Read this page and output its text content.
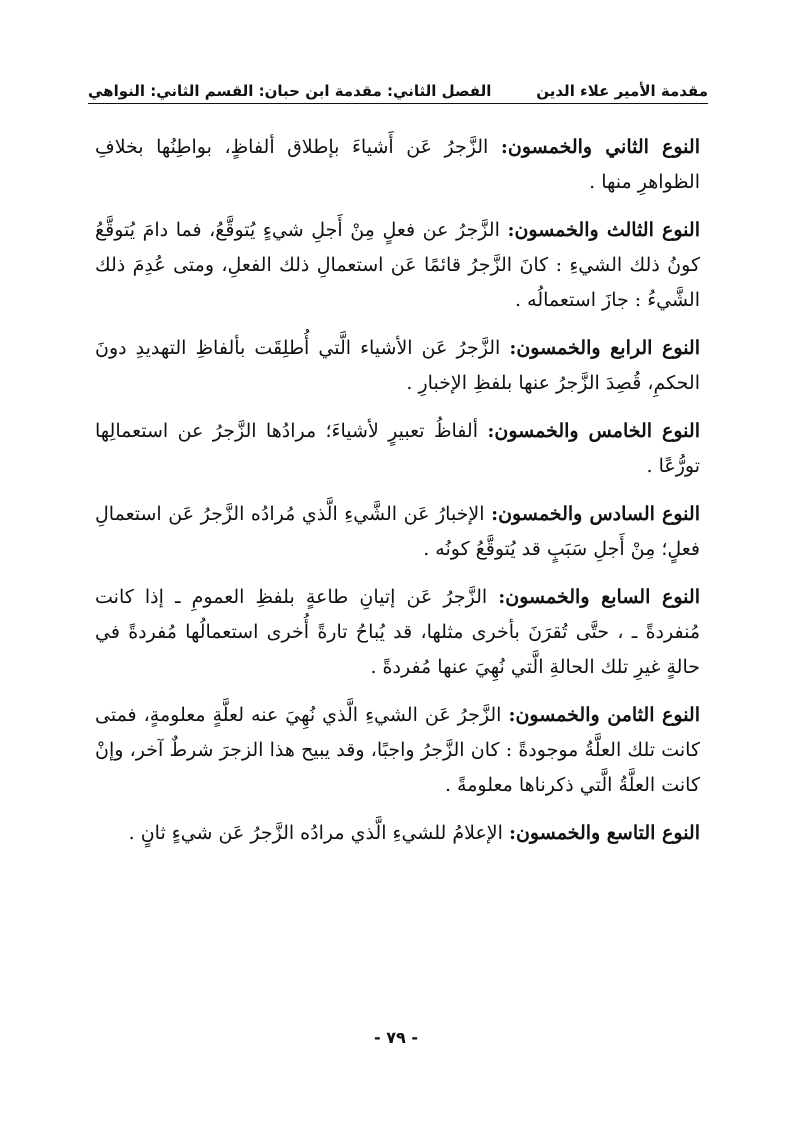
مقدمة الأمير علاء الدين
الفصل الثاني: مقدمة ابن حبان: القسم الثاني: النواهي

النوع الثاني والخمسون: الزَّجرُ عَن أَشياءَ بإطلاق ألفاظٍ، بواطِنُها بخلافِ الظواهرِ منها .

النوع الثالث والخمسون: الزَّجرُ عن فعلٍ مِنْ أَجلِ شيءٍ يُتوقَّعُ، فما دامَ يُتوقَّعُ كونُ ذلك الشيءِ : كانَ الزَّجرُ قائمًا عَن استعمالِ ذلك الفعلِ، ومتى عُدِمَ ذلك الشَّيءُ : جازَ استعمالُه .

النوع الرابع والخمسون: الزَّجرُ عَن الأشياء الَّتي أُطلِقَت بألفاظِ التهديدِ دونَ الحكمِ، قُصِدَ الزَّجرُ عنها بلفظِ الإخبارِ .

النوع الخامس والخمسون: ألفاظُ تعبيرٍ لأشياءَ؛ مرادُها الزَّجرُ عن استعمالِها تورُّعًا .

النوع السادس والخمسون: الإخبارُ عَن الشَّيءِ الَّذي مُرادُه الزَّجرُ عَن استعمالِ فعلٍ؛ مِنْ أَجلِ سَبَبٍ قد يُتوقَّعُ كونُه .

النوع السابع والخمسون: الزَّجرُ عَن إتيانِ طاعةٍ بلفظِ العمومِ ـ إذا كانت مُنفردةً ـ ، حتَّى تُقرَنَ بأخرى مثلها، قد يُباحُ تارةً أُخرى استعمالُها مُفردةً في حالةٍ غيرِ تلك الحالةِ الَّتي نُهِيَ عنها مُفردةً .

النوع الثامن والخمسون: الزَّجرُ عَن الشيءِ الَّذي نُهِيَ عنه لعلَّةٍ معلومةٍ، فمتى كانت تلك العلَّةُ موجودةً : كان الزَّجرُ واجبًا، وقد يبيح هذا الزجرَ شرطٌ آخر، وإنْ كانت العلَّةُ الَّتي ذكرناها معلومةً .

النوع التاسع والخمسون: الإعلامُ للشيءِ الَّذي مرادُه الزَّجرُ عَن شيءٍ ثانٍ .

- ٧٩ -
